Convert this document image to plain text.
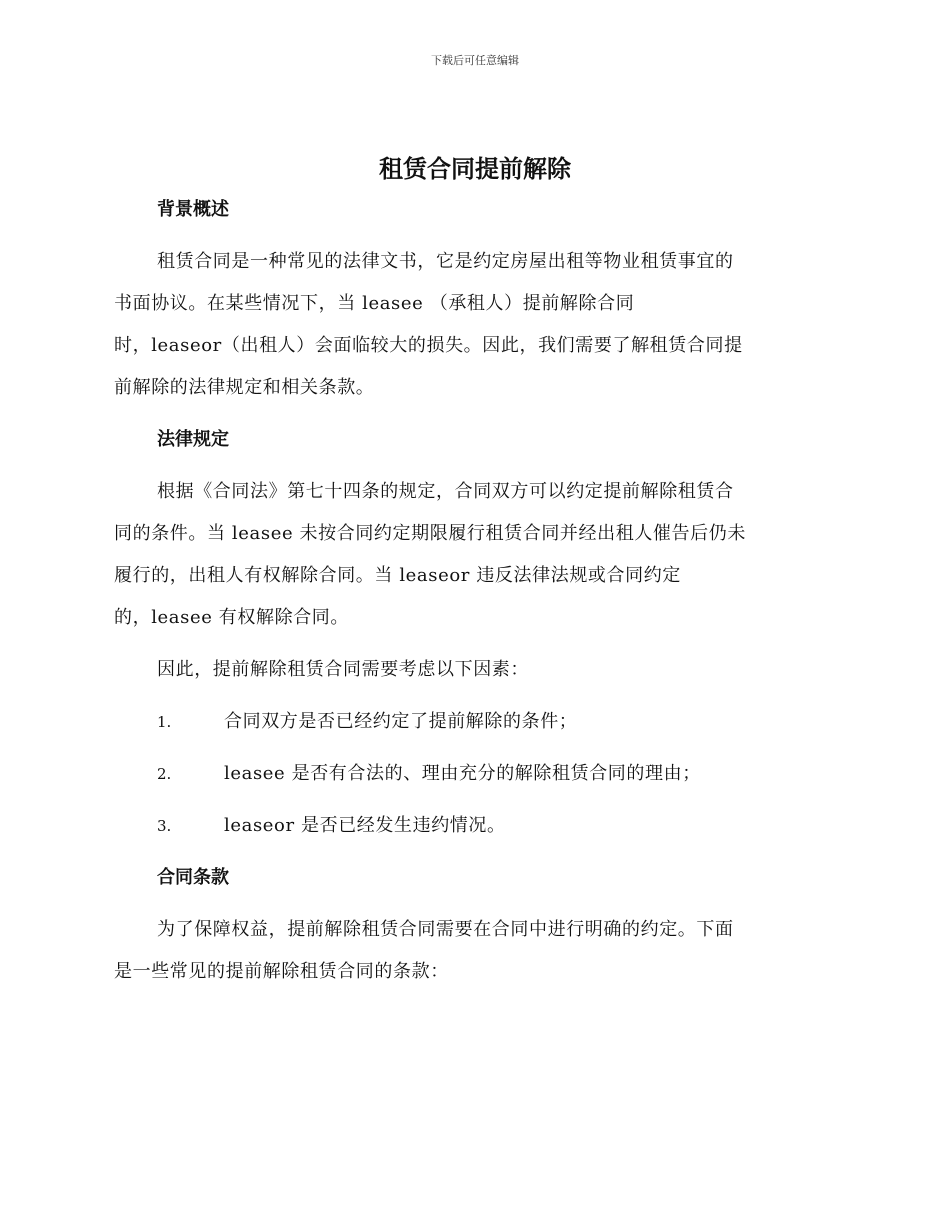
下载后可任意编辑
租赁合同提前解除
背景概述
租赁合同是一种常见的法律文书，它是约定房屋出租等物业租赁事宜的
书面协议。在某些情况下，当 leasee （承租人）提前解除合同
时，leaseor（出租人）会面临较大的损失。因此，我们需要了解租赁合同提
前解除的法律规定和相关条款。
法律规定
根据《合同法》第七十四条的规定，合同双方可以约定提前解除租赁合
同的条件。当 leasee 未按合同约定期限履行租赁合同并经出租人催告后仍未
履行的，出租人有权解除合同。当 leaseor 违反法律法规或合同约定
的，leasee 有权解除合同。
因此，提前解除租赁合同需要考虑以下因素：
1.	合同双方是否已经约定了提前解除的条件；
2.	leasee 是否有合法的、理由充分的解除租赁合同的理由；
3.	leaseor 是否已经发生违约情况。
合同条款
为了保障权益，提前解除租赁合同需要在合同中进行明确的约定。下面
是一些常见的提前解除租赁合同的条款：
